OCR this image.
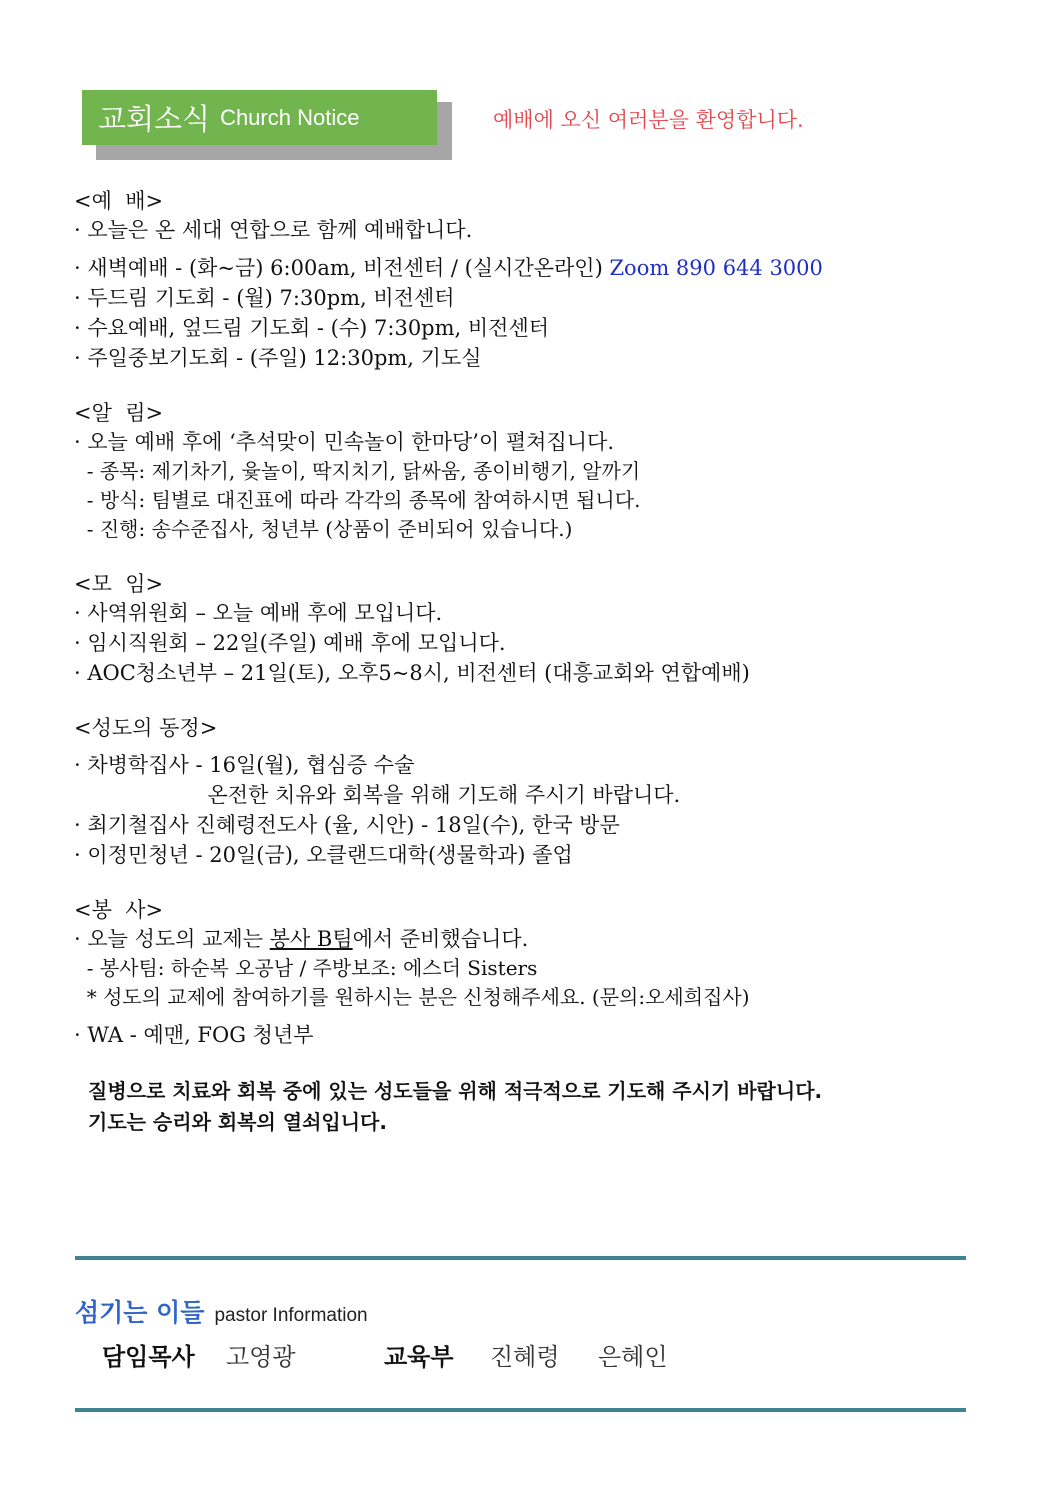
교회소식 Church Notice	예배에 오신 여러분을 환영합니다.
<예  배>
· 오늘은 온 세대 연합으로 함께 예배합니다.
· 새벽예배 - (화~금) 6:00am, 비전센터 / (실시간온라인) Zoom 890 644 3000
· 두드림 기도회 - (월) 7:30pm, 비전센터
· 수요예배, 엎드림 기도회 - (수) 7:30pm, 비전센터
· 주일중보기도회 - (주일) 12:30pm, 기도실
<알  림>
· 오늘 예배 후에 ‘추석맞이 민속놀이 한마당’이 펼쳐집니다.
- 종목: 제기차기, 윷놀이, 딱지치기, 닭싸움, 종이비행기, 알까기
- 방식: 팀별로 대진표에 따라 각각의 종목에 참여하시면 됩니다.
- 진행: 송수준집사, 청년부 (상품이 준비되어 있습니다.)
<모  임>
· 사역위원회 – 오늘 예배 후에 모입니다.
· 임시직원회 – 22일(주일) 예배 후에 모입니다.
· AOC청소년부 – 21일(토), 오후5~8시, 비전센터 (대흥교회와 연합예배)
<성도의 동정>
· 차병학집사 - 16일(월), 협심증 수술
온전한 치유와 회복을 위해 기도해 주시기 바랍니다.
· 최기철집사 진혜령전도사 (율, 시안) - 18일(수), 한국 방문
· 이정민청년 - 20일(금), 오클랜드대학(생물학과) 졸업
<봉  사>
· 오늘 성도의 교제는 봉사 B팀에서 준비했습니다.
- 봉사팀: 하순복 오공남 / 주방보조: 에스더 Sisters
* 성도의 교제에 참여하기를 원하시는 분은 신청해주세요. (문의:오세희집사)
· WA - 예맨, FOG 청년부
질병으로 치료와 회복 중에 있는 성도들을 위해 적극적으로 기도해 주시기 바랍니다.
기도는 승리와 회복의 열쇠입니다.
섬기는 이들 pastor Information
담임목사 고영광	교육부 진혜령 은혜인
